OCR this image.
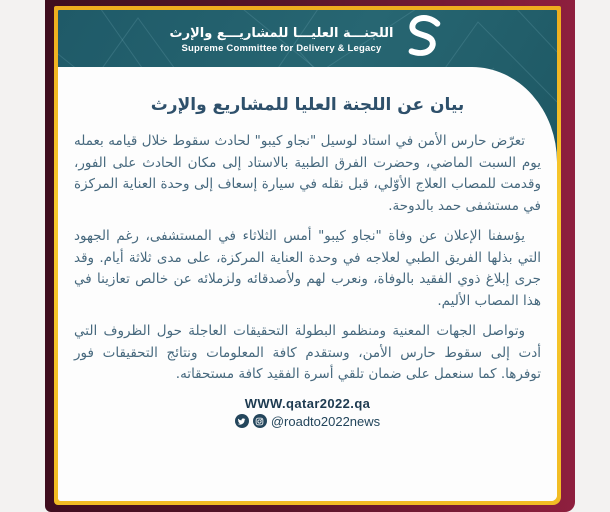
اللجنـــة العليـــا للمشاريـــع والإرث
Supreme Committee for Delivery & Legacy
بيان عن اللجنة العليا للمشاريع والإرث

تعرّض حارس الأمن في استاد لوسيل "نجاو كيبو" لحادث سقوط خلال قيامه بعمله يوم السبت الماضي، وحضرت الفرق الطبية بالاستاد إلى مكان الحادث على الفور، وقدمت للمصاب العلاج الأوّلي، قبل نقله في سيارة إسعاف إلى وحدة العناية المركزة في مستشفى حمد بالدوحة.

يؤسفنا الإعلان عن وفاة "نجاو كيبو" أمس الثلاثاء في المستشفى، رغم الجهود التي بذلها الفريق الطبي لعلاجه في وحدة العناية المركزة، على مدى ثلاثة أيام. وقد جرى إبلاغ ذوي الفقيد بالوفاة، ونعرب لهم ولأصدقائه ولزملائه عن خالص تعازينا في هذا المصاب الأليم.

وتواصل الجهات المعنية ومنظمو البطولة التحقيقات العاجلة حول الظروف التي أدت إلى سقوط حارس الأمن، وستقدم كافة المعلومات ونتائج التحقيقات فور توفرها. كما سنعمل على ضمان تلقي أسرة الفقيد كافة مستحقاته.

WWW.qatar2022.qa
@roadto2022news
